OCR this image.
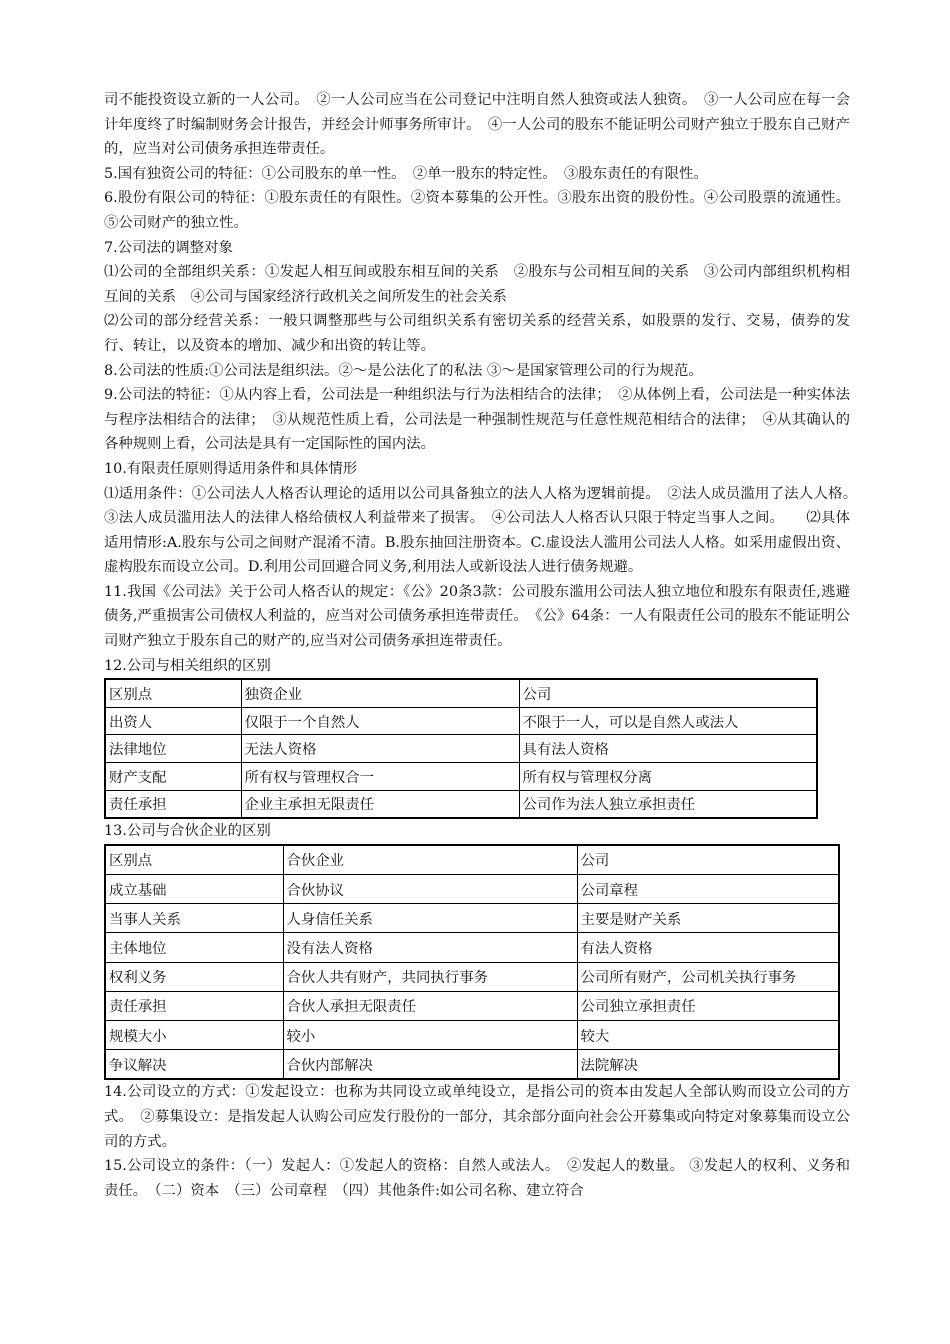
司不能投资设立新的一人公司。　②一人公司应当在公司登记中注明自然人独资或法人独资。　③一人公司应在每一会计年度终了时编制财务会计报告，并经会计师事务所审计。　④一人公司的股东不能证明公司财产独立于股东自己财产的，应当对公司债务承担连带责任。

5.国有独资公司的特征：①公司股东的单一性。　②单一股东的特定性。　③股东责任的有限性。

6.股份有限公司的特征：①股东责任的有限性。②资本募集的公开性。③股东出资的股份性。④公司股票的流通性。⑤公司财产的独立性。

7.公司法的调整对象

⑴公司的全部组织关系：①发起人相互间或股东相互间的关系　②股东与公司相互间的关系　③公司内部组织机构相互间的关系　④公司与国家经济行政机关之间所发生的社会关系

⑵公司的部分经营关系：一般只调整那些与公司组织关系有密切关系的经营关系，如股票的发行、交易，债券的发行、转让，以及资本的增加、减少和出资的转让等。

8.公司法的性质:①公司法是组织法。②～是公法化了的私法 ③～是国家管理公司的行为规范。

9.公司法的特征：①从内容上看，公司法是一种组织法与行为法相结合的法律；　②从体例上看，公司法是一种实体法与程序法相结合的法律；　③从规范性质上看，公司法是一种强制性规范与任意性规范相结合的法律；　④从其确认的各种规则上看，公司法是具有一定国际性的国内法。

10.有限责任原则得适用条件和具体情形

⑴适用条件：①公司法人人格否认理论的适用以公司具备独立的法人人格为逻辑前提。　②法人成员滥用了法人人格。　③法人成员滥用法人的法律人格给债权人利益带来了损害。　④公司法人人格否认只限于特定当事人之间。　　⑵具体适用情形:A.股东与公司之间财产混淆不清。B.股东抽回注册资本。C.虚设法人滥用公司法人人格。如采用虚假出资、虚构股东而设立公司。D.利用公司回避合同义务,利用法人或新设法人进行债务规避。

11.我国《公司法》关于公司人格否认的规定：《公》20条3款：公司股东滥用公司法人独立地位和股东有限责任,逃避债务,严重损害公司债权人利益的，应当对公司债务承担连带责任。　《公》64条：一人有限责任公司的股东不能证明公司财产独立于股东自己的财产的,应当对公司债务承担连带责任。

12.公司与相关组织的区别

区别点	独资企业	公司
出资人	仅限于一个自然人	不限于一人，可以是自然人或法人
法律地位	无法人资格	具有法人资格
财产支配	所有权与管理权合一	所有权与管理权分离
责任承担	企业主承担无限责任	公司作为法人独立承担责任

13.公司与合伙企业的区别

区别点	合伙企业	公司
成立基础	合伙协议	公司章程
当事人关系	人身信任关系	主要是财产关系
主体地位	没有法人资格	有法人资格
权利义务	合伙人共有财产，共同执行事务	公司所有财产，公司机关执行事务
责任承担	合伙人承担无限责任	公司独立承担责任
规模大小	较小	较大
争议解决	合伙内部解决	法院解决

14.公司设立的方式：①发起设立：也称为共同设立或单纯设立，是指公司的资本由发起人全部认购而设立公司的方式。　②募集设立：是指发起人认购公司应发行股份的一部分，其余部分面向社会公开募集或向特定对象募集而设立公司的方式。

15.公司设立的条件：（一）发起人：①发起人的资格：自然人或法人。　②发起人的数量。 ③发起人的权利、义务和责任。　（二）资本　（三）公司章程　（四）其他条件:如公司名称、建立符合
